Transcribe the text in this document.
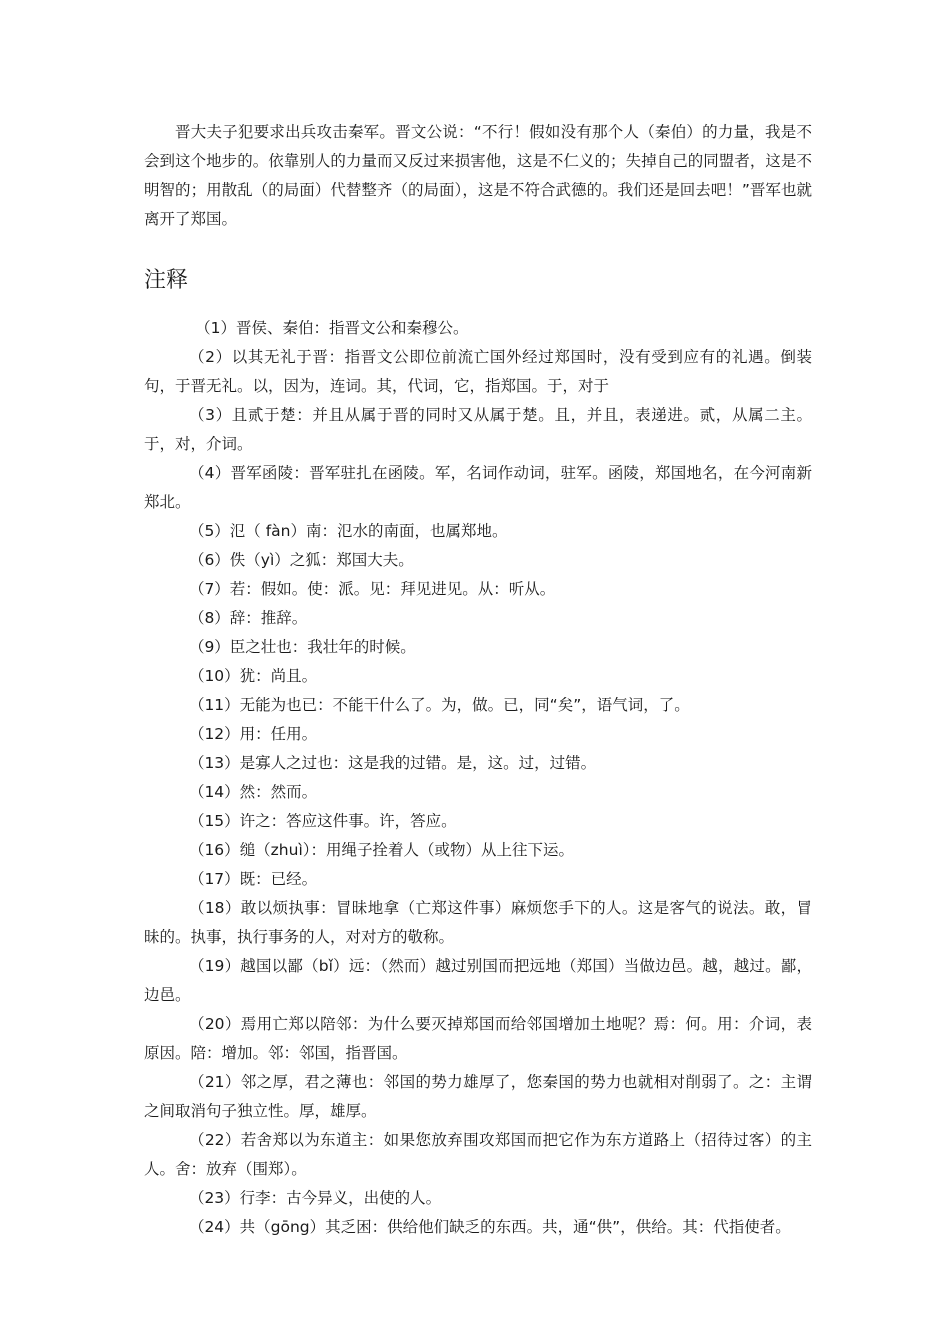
晋大夫子犯要求出兵攻击秦军。晋文公说：“不行！假如没有那个人（秦伯）的力量，我是不会到这个地步的。依靠别人的力量而又反过来损害他，这是不仁义的；失掉自己的同盟者，这是不明智的；用散乱（的局面）代替整齐（的局面），这是不符合武德的。我们还是回去吧！”晋军也就离开了郑国。

注释

（1）晋侯、秦伯：指晋文公和秦穆公。

（2）以其无礼于晋：指晋文公即位前流亡国外经过郑国时，没有受到应有的礼遇。倒装句，于晋无礼。以，因为，连词。其，代词，它，指郑国。于，对于

（3）且贰于楚：并且从属于晋的同时又从属于楚。且，并且，表递进。贰，从属二主。于，对，介词。

（4）晋军函陵：晋军驻扎在函陵。军，名词作动词，驻军。函陵，郑国地名，在今河南新郑北。

（5）氾（ fàn）南：氾水的南面，也属郑地。

（6）佚（yì）之狐：郑国大夫。

（7）若：假如。使：派。见：拜见进见。从：听从。

（8）辞：推辞。

（9）臣之壮也：我壮年的时候。

（10）犹：尚且。

（11）无能为也已：不能干什么了。为，做。已，同“矣”，语气词，了。

（12）用：任用。

（13）是寡人之过也：这是我的过错。是，这。过，过错。

（14）然：然而。

（15）许之：答应这件事。许，答应。

（16）缒（zhuì）：用绳子拴着人（或物）从上往下运。

（17）既：已经。

（18）敢以烦执事：冒昧地拿（亡郑这件事）麻烦您手下的人。这是客气的说法。敢，冒昧的。执事，执行事务的人，对对方的敬称。

（19）越国以鄙（bǐ）远：（然而）越过别国而把远地（郑国）当做边邑。越，越过。鄙，边邑。

（20）焉用亡郑以陪邻：为什么要灭掉郑国而给邻国增加土地呢？焉：何。用：介词，表原因。陪：增加。邻：邻国，指晋国。

（21）邻之厚，君之薄也：邻国的势力雄厚了，您秦国的势力也就相对削弱了。之：主谓之间取消句子独立性。厚，雄厚。

（22）若舍郑以为东道主：如果您放弃围攻郑国而把它作为东方道路上（招待过客）的主人。舍：放弃（围郑）。

（23）行李：古今异义，出使的人。

（24）共（gōng）其乏困：供给他们缺乏的东西。共，通“供”，供给。其：代指使者。
